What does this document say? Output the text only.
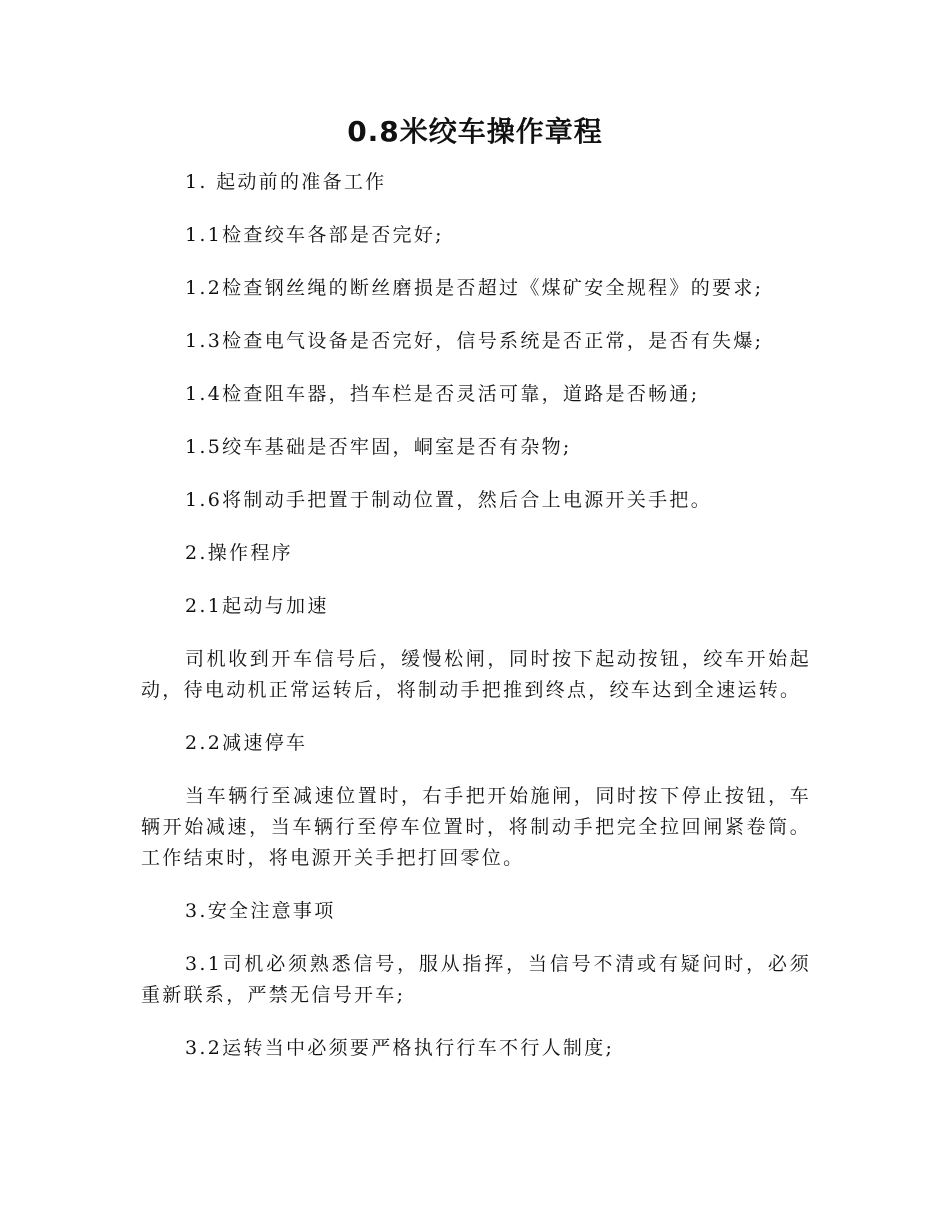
0.8米绞车操作章程

1. 起动前的准备工作

1.1检查绞车各部是否完好;

1.2检查钢丝绳的断丝磨损是否超过《煤矿安全规程》的要求;

1.3检查电气设备是否完好，信号系统是否正常，是否有失爆;

1.4检查阻车器，挡车栏是否灵活可靠，道路是否畅通;

1.5绞车基础是否牢固，峒室是否有杂物;

1.6将制动手把置于制动位置，然后合上电源开关手把。

2.操作程序

2.1起动与加速

司机收到开车信号后，缓慢松闸，同时按下起动按钮，绞车开始起动，待电动机正常运转后，将制动手把推到终点，绞车达到全速运转。

2.2减速停车

当车辆行至减速位置时，右手把开始施闸，同时按下停止按钮，车辆开始减速，当车辆行至停车位置时，将制动手把完全拉回闸紧卷筒。工作结束时，将电源开关手把打回零位。

3.安全注意事项

3.1司机必须熟悉信号，服从指挥，当信号不清或有疑问时，必须重新联系，严禁无信号开车;

3.2运转当中必须要严格执行行车不行人制度;
